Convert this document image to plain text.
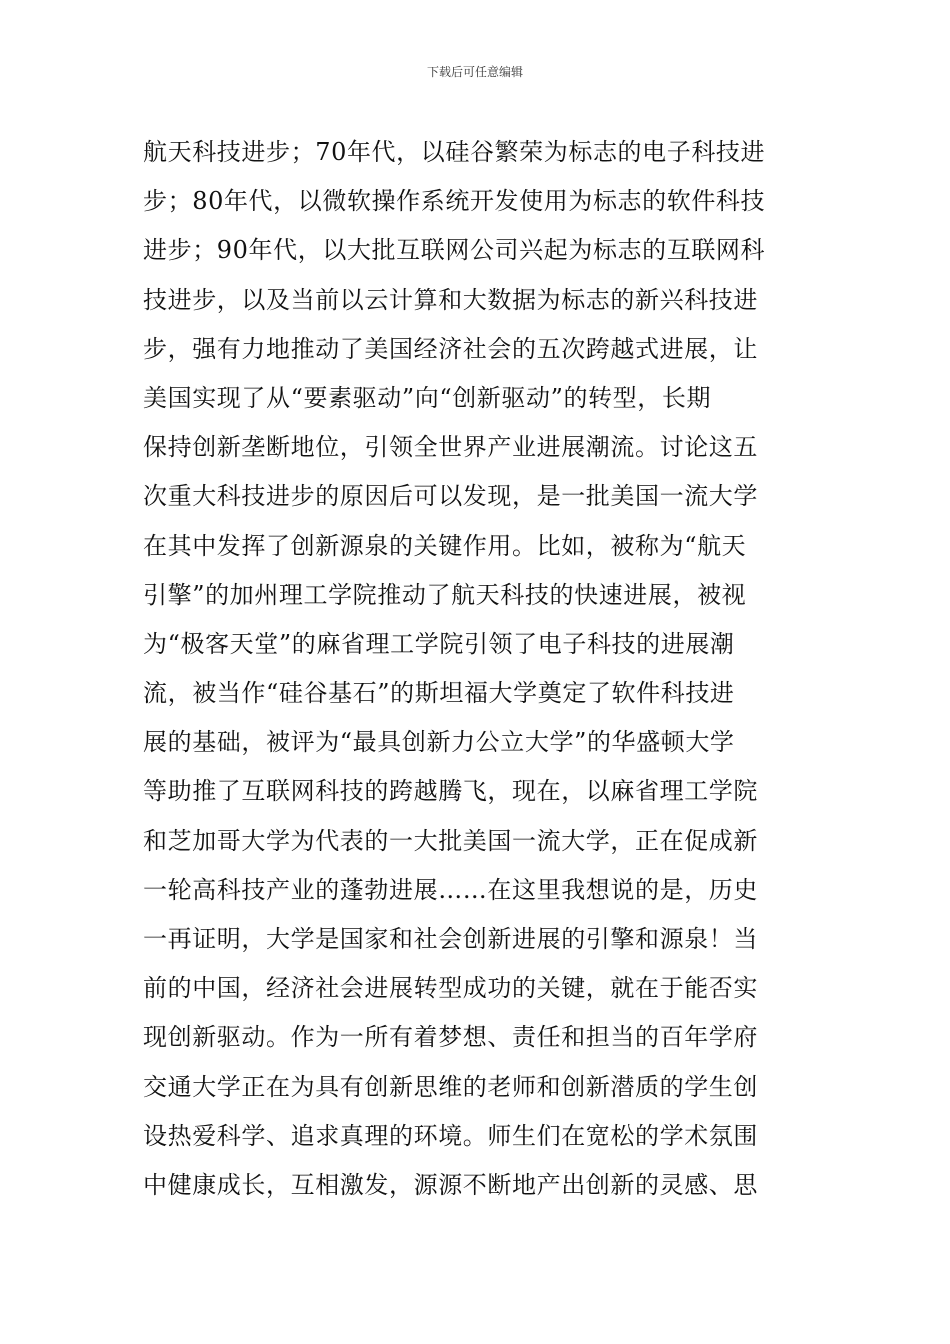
下载后可任意编辑
航天科技进步；70年代，以硅谷繁荣为标志的电子科技进
步；80年代，以微软操作系统开发使用为标志的软件科技
进步；90年代，以大批互联网公司兴起为标志的互联网科
技进步，以及当前以云计算和大数据为标志的新兴科技进
步，强有力地推动了美国经济社会的五次跨越式进展，让
美国实现了从“要素驱动”向“创新驱动”的转型，长期
保持创新垄断地位，引领全世界产业进展潮流。讨论这五
次重大科技进步的原因后可以发现，是一批美国一流大学
在其中发挥了创新源泉的关键作用。比如，被称为“航天
引擎”的加州理工学院推动了航天科技的快速进展，被视
为“极客天堂”的麻省理工学院引领了电子科技的进展潮
流，被当作“硅谷基石”的斯坦福大学奠定了软件科技进
展的基础，被评为“最具创新力公立大学”的华盛顿大学
等助推了互联网科技的跨越腾飞，现在，以麻省理工学院
和芝加哥大学为代表的一大批美国一流大学，正在促成新
一轮高科技产业的蓬勃进展……在这里我想说的是，历史
一再证明，大学是国家和社会创新进展的引擎和源泉！当
前的中国，经济社会进展转型成功的关键，就在于能否实
现创新驱动。作为一所有着梦想、责任和担当的百年学府
交通大学正在为具有创新思维的老师和创新潜质的学生创
设热爱科学、追求真理的环境。师生们在宽松的学术氛围
中健康成长，互相激发，源源不断地产出创新的灵感、思
